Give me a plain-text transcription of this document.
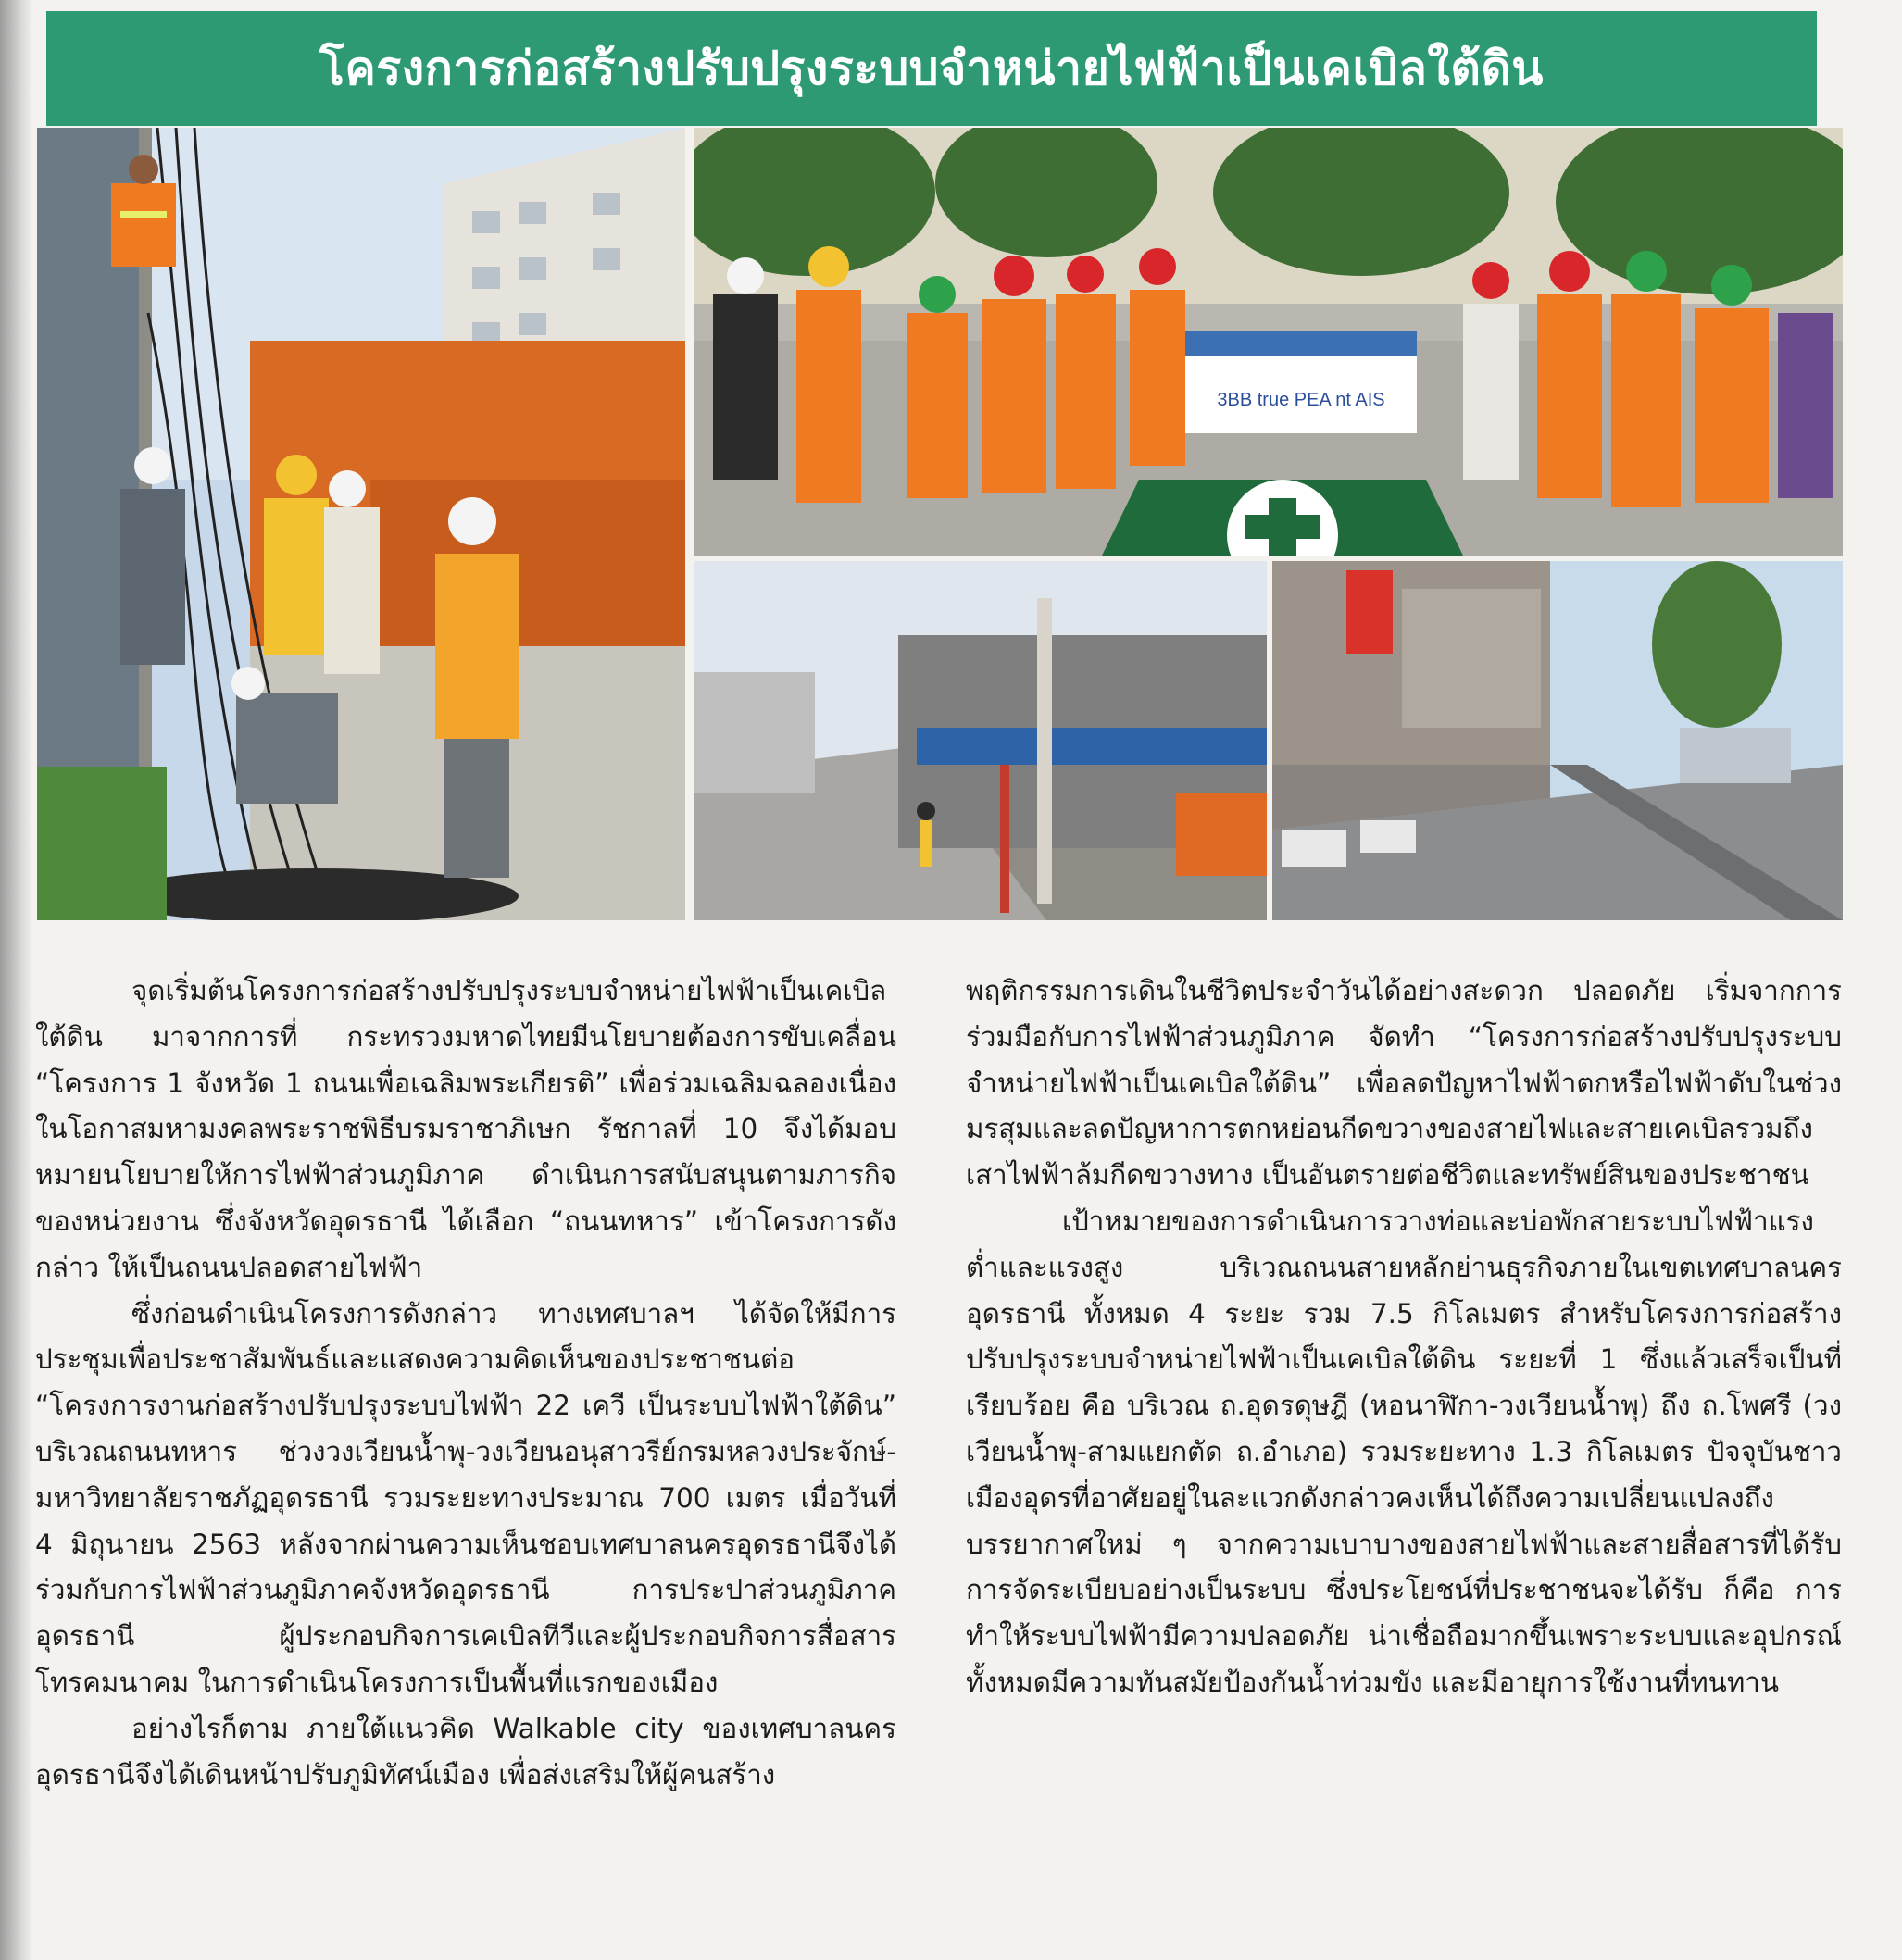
โครงการก่อสร้างปรับปรุงระบบจำหน่ายไฟฟ้าเป็นเคเบิลใต้ดิน
3BB true PEA nt AIS

จุดเริ่มต้นโครงการก่อสร้างปรับปรุงระบบจำหน่ายไฟฟ้าเป็นเคเบิลใต้ดิน มาจากการที่ กระทรวงมหาดไทยมีนโยบายต้องการขับเคลื่อน “โครงการ 1 จังหวัด 1 ถนนเพื่อเฉลิมพระเกียรติ” เพื่อร่วมเฉลิมฉลองเนื่องในโอกาสมหามงคลพระราชพิธีบรมราชาภิเษก รัชกาลที่ 10 จึงได้มอบหมายนโยบายให้การไฟฟ้าส่วนภูมิภาค ดำเนินการสนับสนุนตามภารกิจของหน่วยงาน ซึ่งจังหวัดอุดรธานี ได้เลือก “ถนนทหาร” เข้าโครงการดังกล่าว ให้เป็นถนนปลอดสายไฟฟ้า

ซึ่งก่อนดำเนินโครงการดังกล่าว ทางเทศบาลฯ ได้จัดให้มีการประชุมเพื่อประชาสัมพันธ์และแสดงความคิดเห็นของประชาชนต่อ “โครงการงานก่อสร้างปรับปรุงระบบไฟฟ้า 22 เควี เป็นระบบไฟฟ้าใต้ดิน” บริเวณถนนทหาร ช่วงวงเวียนน้ำพุ-วงเวียนอนุสาวรีย์กรมหลวงประจักษ์-มหาวิทยาลัยราชภัฏอุดรธานี รวมระยะทางประมาณ 700 เมตร เมื่อวันที่ 4 มิถุนายน 2563 หลังจากผ่านความเห็นชอบเทศบาลนครอุดรธานีจึงได้ร่วมกับการไฟฟ้าส่วนภูมิภาคจังหวัดอุดรธานี การประปาส่วนภูมิภาคอุดรธานี ผู้ประกอบกิจการเคเบิลทีวีและผู้ประกอบกิจการสื่อสารโทรคมนาคม ในการดำเนินโครงการเป็นพื้นที่แรกของเมือง

อย่างไรก็ตาม ภายใต้แนวคิด Walkable city ของเทศบาลนครอุดรธานีจึงได้เดินหน้าปรับภูมิทัศน์เมือง เพื่อส่งเสริมให้ผู้คนสร้าง

พฤติกรรมการเดินในชีวิตประจำวันได้อย่างสะดวก ปลอดภัย เริ่มจากการร่วมมือกับการไฟฟ้าส่วนภูมิภาค จัดทำ “โครงการก่อสร้างปรับปรุงระบบจำหน่ายไฟฟ้าเป็นเคเบิลใต้ดิน” เพื่อลดปัญหาไฟฟ้าตกหรือไฟฟ้าดับในช่วงมรสุมและลดปัญหาการตกหย่อนกีดขวางของสายไฟและสายเคเบิลรวมถึงเสาไฟฟ้าล้มกีดขวางทาง เป็นอันตรายต่อชีวิตและทรัพย์สินของประชาชน

เป้าหมายของการดำเนินการวางท่อและบ่อพักสายระบบไฟฟ้าแรงต่ำและแรงสูง บริเวณถนนสายหลักย่านธุรกิจภายในเขตเทศบาลนครอุดรธานี ทั้งหมด 4 ระยะ รวม 7.5 กิโลเมตร สำหรับโครงการก่อสร้างปรับปรุงระบบจำหน่ายไฟฟ้าเป็นเคเบิลใต้ดิน ระยะที่ 1 ซึ่งแล้วเสร็จเป็นที่เรียบร้อย คือ บริเวณ ถ.อุดรดุษฎี (หอนาฬิกา-วงเวียนน้ำพุ) ถึง ถ.โพศรี (วงเวียนน้ำพุ-สามแยกตัด ถ.อำเภอ) รวมระยะทาง 1.3 กิโลเมตร ปัจจุบันชาวเมืองอุดรที่อาศัยอยู่ในละแวกดังกล่าวคงเห็นได้ถึงความเปลี่ยนแปลงถึงบรรยากาศใหม่ ๆ จากความเบาบางของสายไฟฟ้าและสายสื่อสารที่ได้รับการจัดระเบียบอย่างเป็นระบบ ซึ่งประโยชน์ที่ประชาชนจะได้รับ ก็คือ การทำให้ระบบไฟฟ้ามีความปลอดภัย น่าเชื่อถือมากขึ้นเพราะระบบและอุปกรณ์ทั้งหมดมีความทันสมัยป้องกันน้ำท่วมขัง และมีอายุการใช้งานที่ทนทาน
